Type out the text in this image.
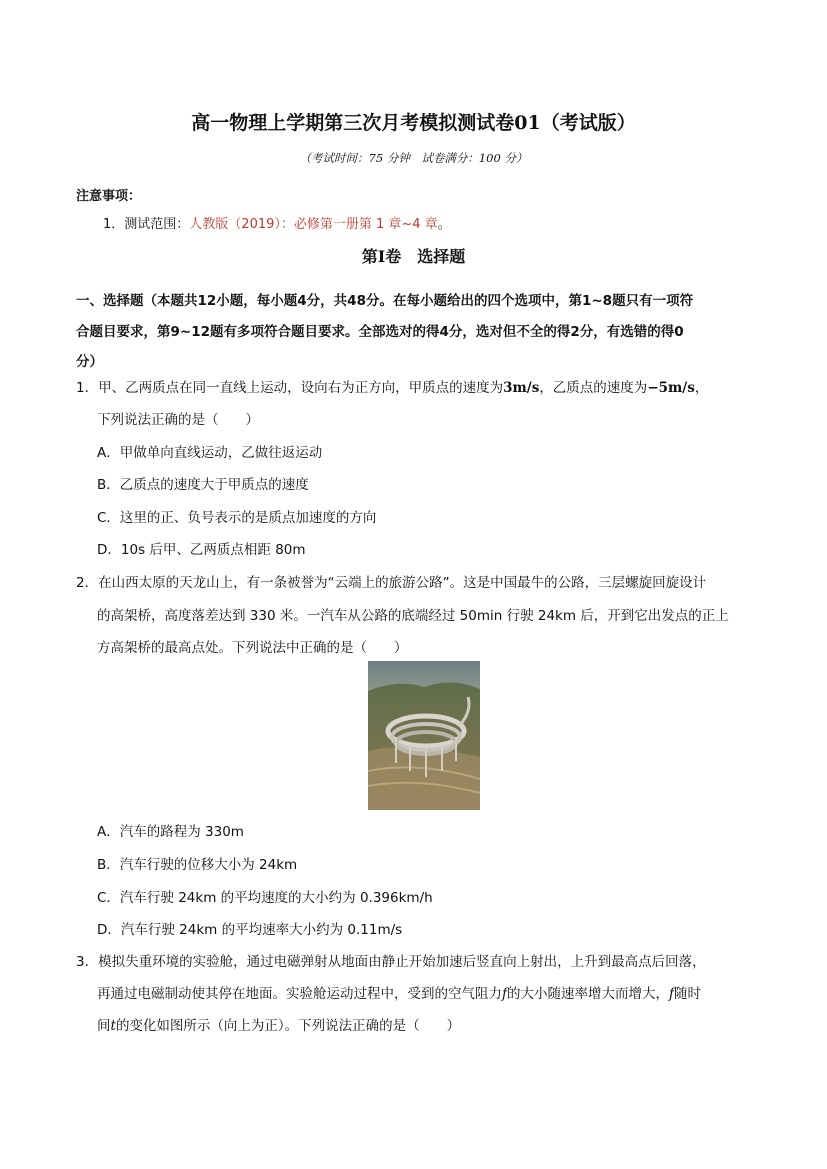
高一物理上学期第三次月考模拟测试卷01（考试版）
（考试时间：75 分钟　试卷满分：100 分）
注意事项：
1．测试范围：人教版（2019）：必修第一册第 1 章~4 章。
第Ⅰ卷　选择题
一、选择题（本题共12小题，每小题4分，共48分。在每小题给出的四个选项中，第1~8题只有一项符
合题目要求，第9~12题有多项符合题目要求。全部选对的得4分，选对但不全的得2分，有选错的得0
分）
1．甲、乙两质点在同一直线上运动，设向右为正方向，甲质点的速度为3m/s，乙质点的速度为−5m/s，
下列说法正确的是（　　）
A．甲做单向直线运动，乙做往返运动
B．乙质点的速度大于甲质点的速度
C．这里的正、负号表示的是质点加速度的方向
D．10s 后甲、乙两质点相距 80m
2．在山西太原的天龙山上，有一条被誉为“云端上的旅游公路”。这是中国最牛的公路，三层螺旋回旋设计
的高架桥，高度落差达到 330 米。一汽车从公路的底端经过 50min 行驶 24km 后，开到它出发点的正上
方高架桥的最高点处。下列说法中正确的是（　　）
A．汽车的路程为 330m
B．汽车行驶的位移大小为 24km
C．汽车行驶 24km 的平均速度的大小约为 0.396km/h
D．汽车行驶 24km 的平均速率大小约为 0.11m/s
3．模拟失重环境的实验舱，通过电磁弹射从地面由静止开始加速后竖直向上射出，上升到最高点后回落，
再通过电磁制动使其停在地面。实验舱运动过程中，受到的空气阻力f的大小随速率增大而增大，f随时
间t的变化如图所示（向上为正）。下列说法正确的是（　　）
